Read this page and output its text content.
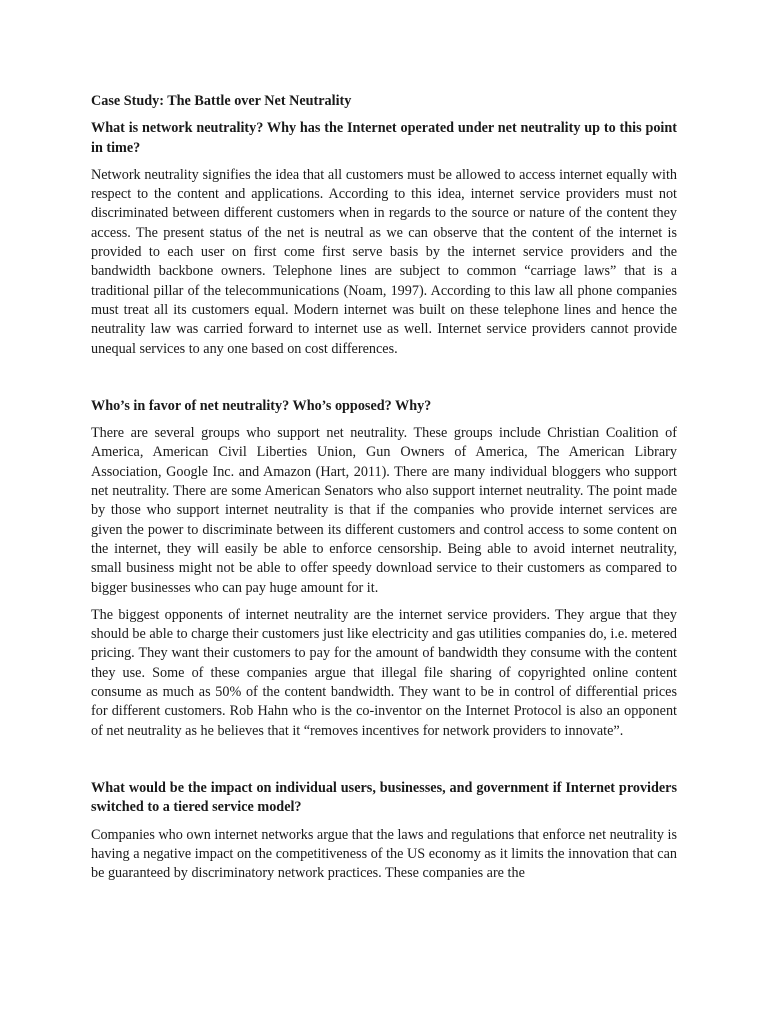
Case Study: The Battle over Net Neutrality

What is network neutrality? Why has the Internet operated under net neutrality up to this point in time?

Network neutrality signifies the idea that all customers must be allowed to access internet equally with respect to the content and applications. According to this idea, internet service providers must not discriminated between different customers when in regards to the source or nature of the content they access. The present status of the net is neutral as we can observe that the content of the internet is provided to each user on first come first serve basis by the internet service providers and the bandwidth backbone owners. Telephone lines are subject to common “carriage laws” that is a traditional pillar of the telecommunications (Noam, 1997). According to this law all phone companies must treat all its customers equal. Modern internet was built on these telephone lines and hence the neutrality law was carried forward to internet use as well. Internet service providers cannot provide unequal services to any one based on cost differences.

Who’s in favor of net neutrality? Who’s opposed? Why?

There are several groups who support net neutrality. These groups include Christian Coalition of America, American Civil Liberties Union, Gun Owners of America, The American Library Association, Google Inc. and Amazon (Hart, 2011). There are many individual bloggers who support net neutrality. There are some American Senators who also support internet neutrality. The point made by those who support internet neutrality is that if the companies who provide internet services are given the power to discriminate between its different customers and control access to some content on the internet, they will easily be able to enforce censorship. Being able to avoid internet neutrality, small business might not be able to offer speedy download service to their customers as compared to bigger businesses who can pay huge amount for it.

The biggest opponents of internet neutrality are the internet service providers. They argue that they should be able to charge their customers just like electricity and gas utilities companies do, i.e. metered pricing. They want their customers to pay for the amount of bandwidth they consume with the content they use. Some of these companies argue that illegal file sharing of copyrighted online content consume as much as 50% of the content bandwidth. They want to be in control of differential prices for different customers. Rob Hahn who is the co-inventor on the Internet Protocol is also an opponent of net neutrality as he believes that it “removes incentives for network providers to innovate”.

What would be the impact on individual users, businesses, and government if Internet providers switched to a tiered service model?

Companies who own internet networks argue that the laws and regulations that enforce net neutrality is having a negative impact on the competitiveness of the US economy as it limits the innovation that can be guaranteed by discriminatory network practices. These companies are the
